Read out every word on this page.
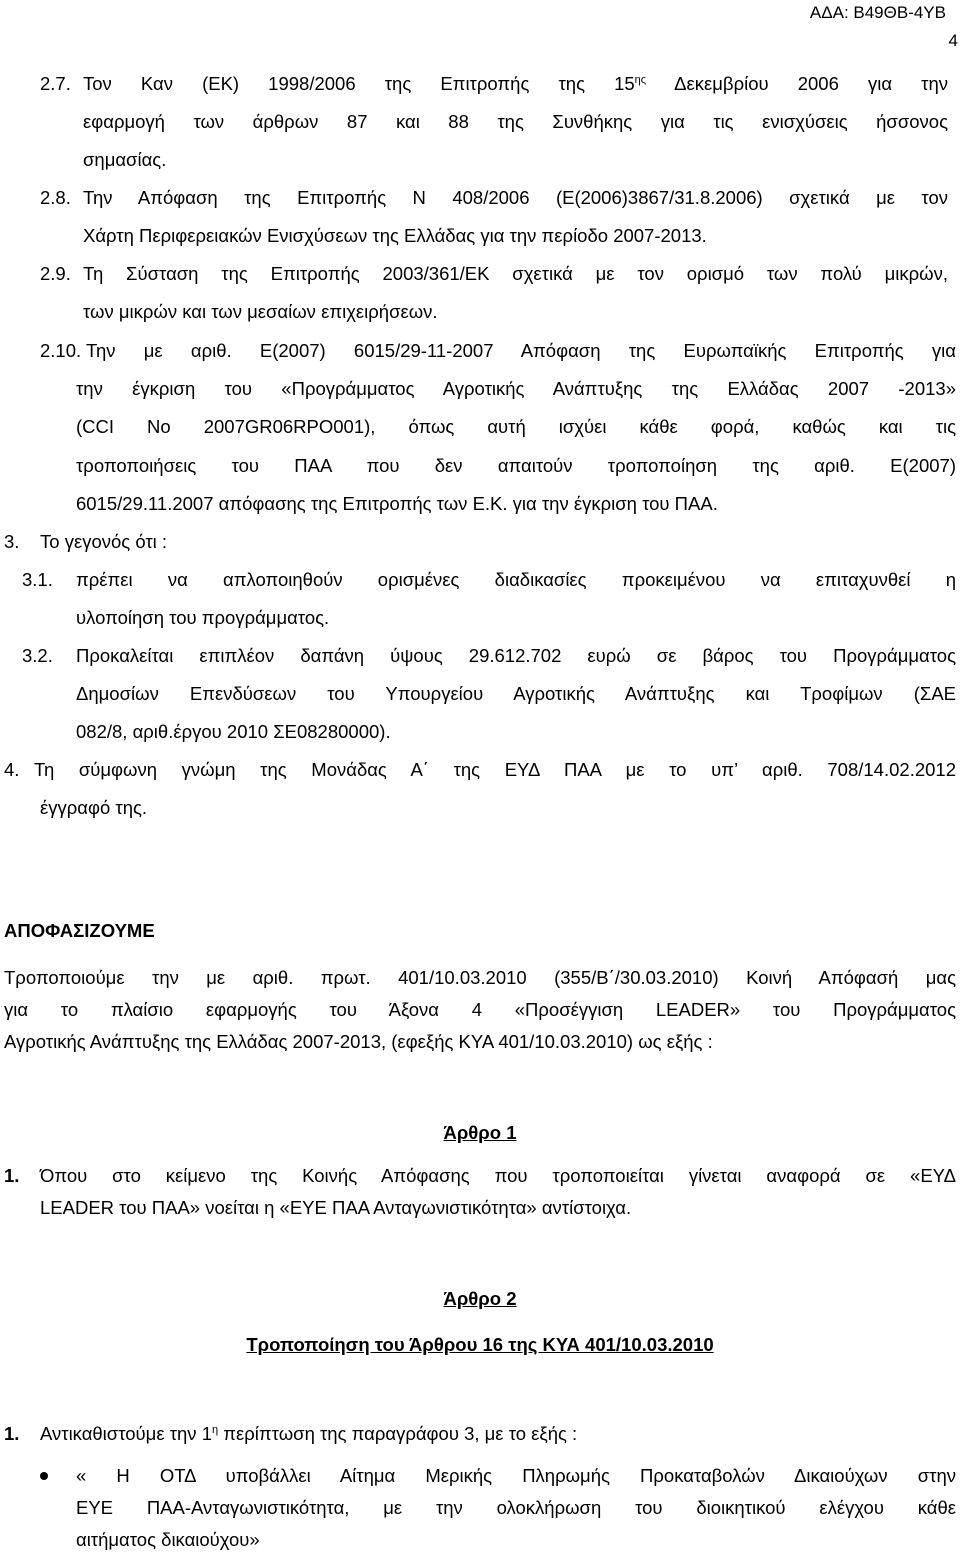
ΑΔΑ: Β49ΘΒ-4ΥΒ
4
2.7. Τον Καν (ΕΚ) 1998/2006 της Επιτροπής της $15^{\eta\varsigma}$ Δεκεμβρίου 2006 για την
εφαρμογή των άρθρων 87 και 88 της Συνθήκης για τις ενισχύσεις ήσσονος
σημασίας.
2.8. Την Απόφαση της Επιτροπής Ν 408/2006 (Ε(2006)3867/31.8.2006) σχετικά με τον
Χάρτη Περιφερειακών Ενισχύσεων της Ελλάδας για την περίοδο 2007-2013.
2.9. Τη Σύσταση της Επιτροπής 2003/361/ΕΚ σχετικά με τον ορισμό των πολύ μικρών,
των μικρών και των μεσαίων επιχειρήσεων.
2.10. Την με αριθ. Ε(2007) 6015/29-11-2007 Απόφαση της Ευρωπαϊκής Επιτροπής για
την έγκριση του «Προγράμματος Αγροτικής Ανάπτυξης της Ελλάδας 2007 -2013»
(CCI No 2007GR06RPO001), όπως αυτή ισχύει κάθε φορά, καθώς και τις
τροποποιήσεις του ΠΑΑ που δεν απαιτούν τροποποίηση της αριθ. Ε(2007)
6015/29.11.2007 απόφασης της Επιτροπής των Ε.Κ. για την έγκριση του ΠΑΑ.
3. Το γεγονός ότι :
3.1. πρέπει να απλοποιηθούν ορισμένες διαδικασίες προκειμένου να επιταχυνθεί η
υλοποίηση του προγράμματος.
3.2. Προκαλείται επιπλέον δαπάνη ύψους 29.612.702 ευρώ σε βάρος του Προγράμματος
Δημοσίων Επενδύσεων του Υπουργείου Αγροτικής Ανάπτυξης και Τροφίμων (ΣΑΕ
082/8, αριθ.έργου 2010 ΣΕ08280000).
4. Τη σύμφωνη γνώμη της Μονάδας Α΄ της ΕΥΔ ΠΑΑ με το υπ’ αριθ. 708/14.02.2012
έγγραφό της.
ΑΠΟΦΑΣΙΖΟΥΜΕ
Τροποποιούμε την με αριθ. πρωτ. 401/10.03.2010 (355/Β΄/30.03.2010) Κοινή Απόφασή μας
για το πλαίσιο εφαρμογής του Άξονα 4 «Προσέγγιση LEADER» του Προγράμματος
Αγροτικής Ανάπτυξης της Ελλάδας 2007-2013, (εφεξής ΚΥΑ 401/10.03.2010) ως εξής :
Άρθρο 1
1. Όπου στο κείμενο της Κοινής Απόφασης που τροποποιείται γίνεται αναφορά σε «ΕΥΔ
LEADER του ΠΑΑ» νοείται η «ΕΥΕ ΠΑΑ Ανταγωνιστικότητα» αντίστοιχα.
Άρθρο 2
Τροποποίηση του Άρθρου 16 της ΚΥΑ 401/10.03.2010
1. Αντικαθιστούμε την $1^\eta$ περίπτωση της παραγράφου 3, με το εξής :
« Η ΟΤΔ υποβάλλει Αίτημα Μερικής Πληρωμής Προκαταβολών Δικαιούχων στην
ΕΥΕ ΠΑΑ-Ανταγωνιστικότητα, με την ολοκλήρωση του διοικητικού ελέγχου κάθε
αιτήματος δικαιούχου»
